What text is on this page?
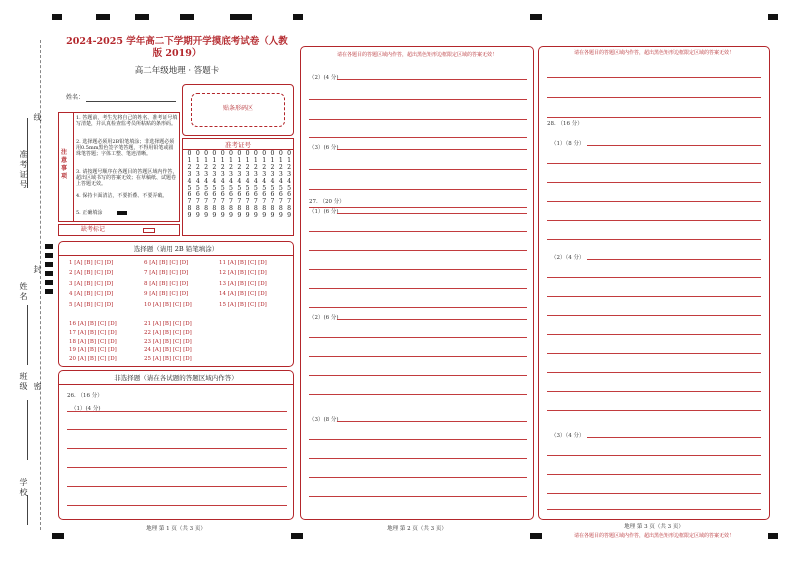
准考证号
姓名
班级
学校
线
封
密
2024-2025 学年高二下学期开学摸底考试卷（人教
版 2019）
高二年级地理 · 答题卡
姓名：
贴条形码区
注意事项
1. 答题前，考生先将自己的姓名、准考证号填写清楚，并认真检查监考员所粘贴的条形码。
2. 选择题必须用2B铅笔填涂；非选择题必须用0.5mm黑色签字笔答题，不得用铅笔或圆珠笔答题；字体工整、笔迹清晰。
3. 请按题号顺序在各题目的答题区域内作答，超出区域书写的答案无效；在草稿纸、试题卷上答题无效。
4. 保持卡面清洁，不要折叠、不要弄破。
5. 正确填涂
缺考标记
准考证号
0
1
2
3
4
5
6
7
8
9
0
1
2
3
4
5
6
7
8
9
0
1
2
3
4
5
6
7
8
9
0
1
2
3
4
5
6
7
8
9
0
1
2
3
4
5
6
7
8
9
0
1
2
3
4
5
6
7
8
9
0
1
2
3
4
5
6
7
8
9
0
1
2
3
4
5
6
7
8
9
0
1
2
3
4
5
6
7
8
9
0
1
2
3
4
5
6
7
8
9
0
1
2
3
4
5
6
7
8
9
0
1
2
3
4
5
6
7
8
9
0
1
2
3
4
5
6
7
8
9
选择题（请用 2B 铅笔填涂）
1 [A] [B] [C] [D]
2 [A] [B] [C] [D]
3 [A] [B] [C] [D]
4 [A] [B] [C] [D]
5 [A] [B] [C] [D]
6 [A] [B] [C] [D]
7 [A] [B] [C] [D]
8 [A] [B] [C] [D]
9 [A] [B] [C] [D]
10 [A] [B] [C] [D]
11 [A] [B] [C] [D]
12 [A] [B] [C] [D]
13 [A] [B] [C] [D]
14 [A] [B] [C] [D]
15 [A] [B] [C] [D]
16 [A] [B] [C] [D]
17 [A] [B] [C] [D]
18 [A] [B] [C] [D]
19 [A] [B] [C] [D]
20 [A] [B] [C] [D]
21 [A] [B] [C] [D]
22 [A] [B] [C] [D]
23 [A] [B] [C] [D]
24 [A] [B] [C] [D]
25 [A] [B] [C] [D]
非选择题（请在各试题的答题区域内作答）
26. （16 分）
（1）(4 分)
地理 第 1 页（共 3 页）
请在各题目的答题区域内作答，超出黑色矩形边框限定区域的答案无效！
（2）(4 分)
（3）(6 分)
27. （20 分）
（1）(6 分)
（2）(6 分)
（3）(8 分)
地理 第 2 页（共 3 页）
请在各题目的答题区域内作答，超出黑色矩形边框限定区域的答案无效！
28. （16 分）
（1）（8 分）
（2）（4 分）
（3）（4 分）
地理 第 3 页（共 3 页）
请在各题目的答题区域内作答，超出黑色矩形边框限定区域的答案无效！
